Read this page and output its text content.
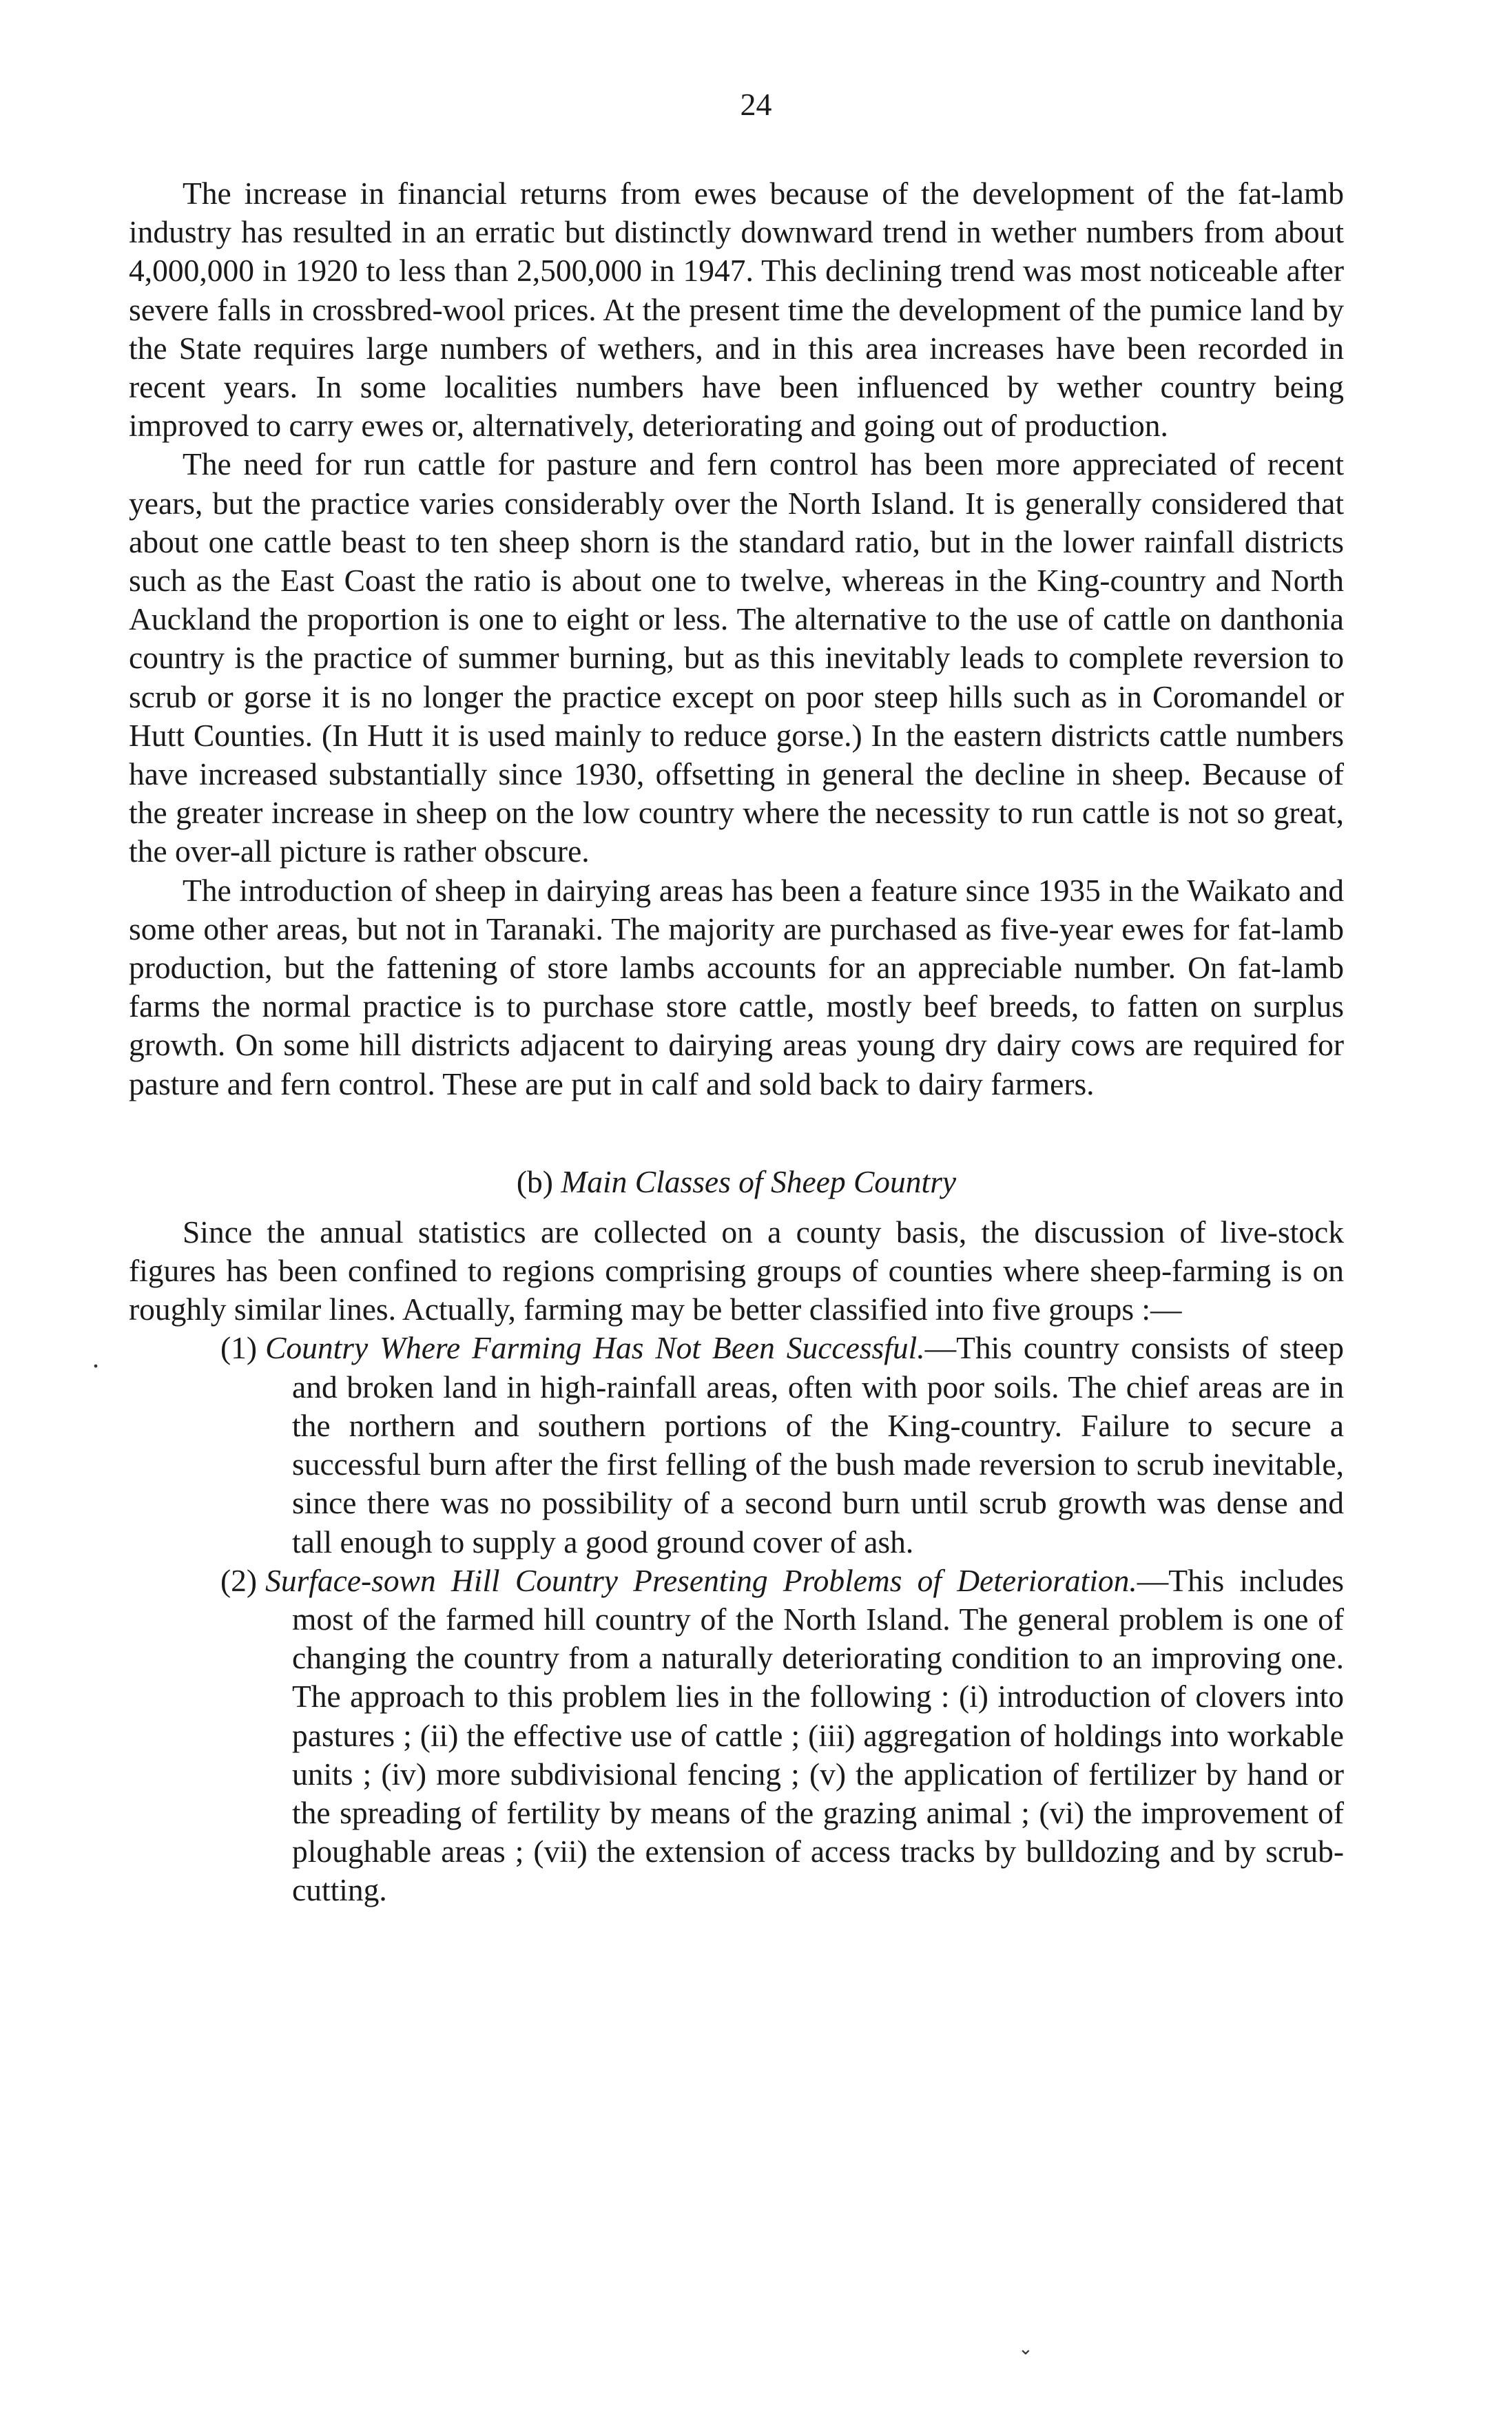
24

The increase in financial returns from ewes because of the development of the fat-lamb industry has resulted in an erratic but distinctly downward trend in wether numbers from about 4,000,000 in 1920 to less than 2,500,000 in 1947. This declining trend was most noticeable after severe falls in crossbred-wool prices. At the present time the development of the pumice land by the State requires large numbers of wethers, and in this area increases have been recorded in recent years. In some localities numbers have been influenced by wether country being improved to carry ewes or, alternatively, deteriorating and going out of production.

The need for run cattle for pasture and fern control has been more appreciated of recent years, but the practice varies considerably over the North Island. It is generally considered that about one cattle beast to ten sheep shorn is the standard ratio, but in the lower rainfall districts such as the East Coast the ratio is about one to twelve, whereas in the King-country and North Auckland the proportion is one to eight or less. The alternative to the use of cattle on danthonia country is the practice of summer burning, but as this inevitably leads to complete reversion to scrub or gorse it is no longer the practice except on poor steep hills such as in Coromandel or Hutt Counties. (In Hutt it is used mainly to reduce gorse.) In the eastern districts cattle numbers have increased substantially since 1930, offsetting in general the decline in sheep. Because of the greater increase in sheep on the low country where the necessity to run cattle is not so great, the over-all picture is rather obscure.

The introduction of sheep in dairying areas has been a feature since 1935 in the Waikato and some other areas, but not in Taranaki. The majority are purchased as five-year ewes for fat-lamb production, but the fattening of store lambs accounts for an appreciable number. On fat-lamb farms the normal practice is to purchase store cattle, mostly beef breeds, to fatten on surplus growth. On some hill districts adjacent to dairying areas young dry dairy cows are required for pasture and fern control. These are put in calf and sold back to dairy farmers.

(b) Main Classes of Sheep Country

Since the annual statistics are collected on a county basis, the discussion of live-stock figures has been confined to regions comprising groups of counties where sheep-farming is on roughly similar lines. Actually, farming may be better classified into five groups :—

(1) Country Where Farming Has Not Been Successful.—This country consists of steep and broken land in high-rainfall areas, often with poor soils. The chief areas are in the northern and southern portions of the King-country. Failure to secure a successful burn after the first felling of the bush made reversion to scrub inevitable, since there was no possibility of a second burn until scrub growth was dense and tall enough to supply a good ground cover of ash.

(2) Surface-sown Hill Country Presenting Problems of Deterioration.—This includes most of the farmed hill country of the North Island. The general problem is one of changing the country from a naturally deteriorating condition to an improving one. The approach to this problem lies in the following : (i) introduction of clovers into pastures ; (ii) the effective use of cattle ; (iii) aggregation of holdings into workable units ; (iv) more subdivisional fencing ; (v) the application of fertilizer by hand or the spreading of fertility by means of the grazing animal ; (vi) the improvement of ploughable areas ; (vii) the extension of access tracks by bulldozing and by scrub-cutting.

.
⌄
